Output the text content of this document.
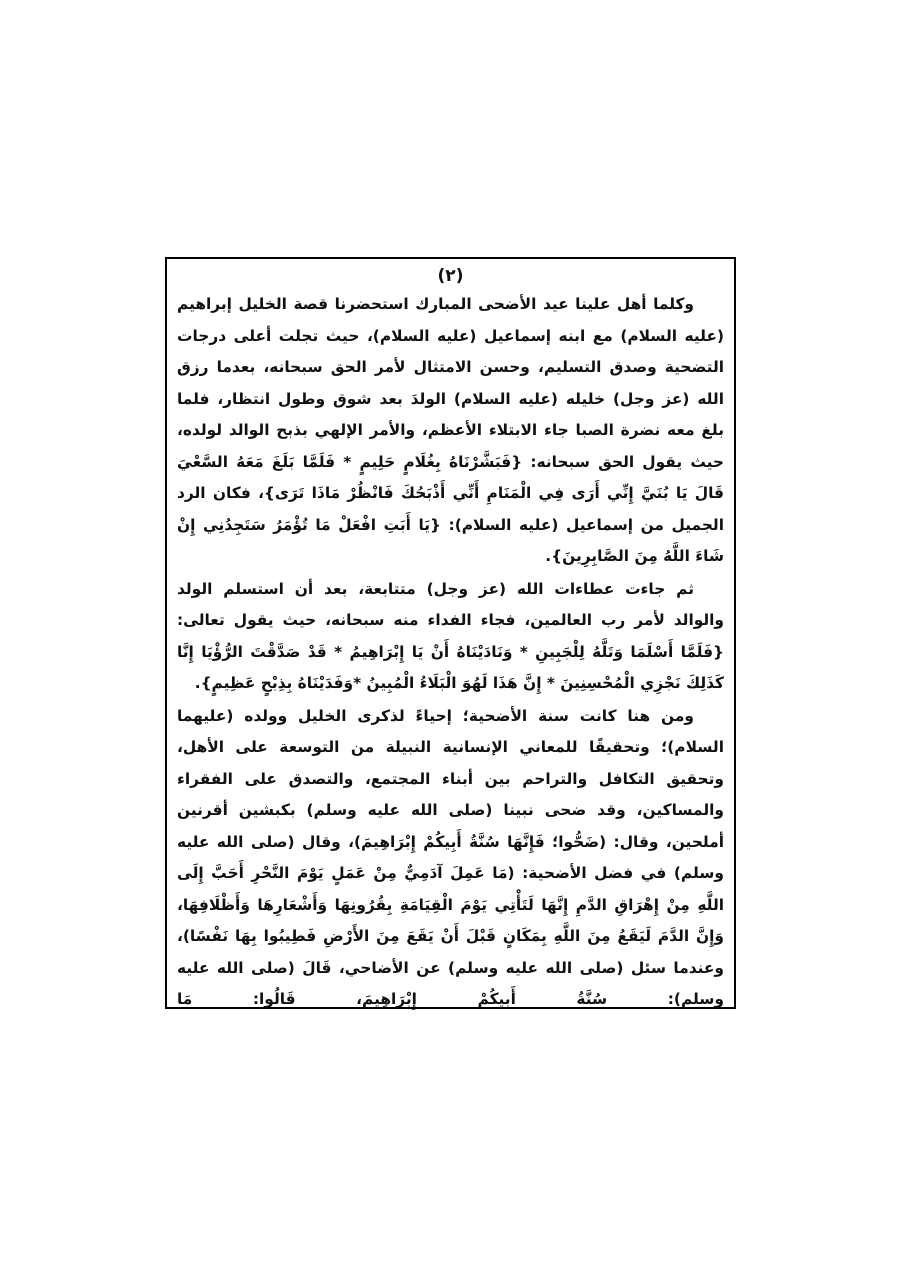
(٢)

وكلما أهل علينا عيد الأضحى المبارك استحضرنا قصة الخليل إبراهيم (عليه السلام) مع ابنه إسماعيل (عليه السلام)، حيث تجلت أعلى درجات التضحية وصدق التسليم، وحسن الامتثال لأمر الحق سبحانه، بعدما رزق الله (عز وجل) خليله (عليه السلام) الولدَ بعد شوق وطول انتظار، فلما بلغ معه نضرة الصبا جاء الابتلاء الأعظم، والأمر الإلهي بذبح الوالد لولده، حيث يقول الحق سبحانه: {فَبَشَّرْنَاهُ بِغُلَامٍ حَلِيمٍ * فَلَمَّا بَلَغَ مَعَهُ السَّعْيَ قَالَ يَا بُنَيَّ إِنِّي أَرَى فِي الْمَنَامِ أَنِّي أَذْبَحُكَ فَانْظُرْ مَاذَا تَرَى}، فكان الرد الجميل من إسماعيل (عليه السلام): {يَا أَبَتِ افْعَلْ مَا تُؤْمَرُ سَتَجِدُنِي إِنْ شَاءَ اللَّهُ مِنَ الصَّابِرِينَ}.

ثم جاءت عطاءات الله (عز وجل) متتابعة، بعد أن استسلم الولد والوالد لأمر رب العالمين، فجاء الفداء منه سبحانه، حيث يقول تعالى: {فَلَمَّا أَسْلَمَا وَتَلَّهُ لِلْجَبِينِ * وَنَادَيْنَاهُ أَنْ يَا إِبْرَاهِيمُ * قَدْ صَدَّقْتَ الرُّؤْيَا إِنَّا كَذَلِكَ نَجْزِي الْمُحْسِنِينَ * إِنَّ هَذَا لَهُوَ الْبَلَاءُ الْمُبِينُ *وَفَدَيْنَاهُ بِذِبْحٍ عَظِيمٍ}.

ومن هنا كانت سنة الأضحية؛ إحياءً لذكرى الخليل وولده (عليهما السلام)؛ وتحقيقًا للمعاني الإنسانية النبيلة من التوسعة على الأهل، وتحقيق التكافل والتراحم بين أبناء المجتمع، والتصدق على الفقراء والمساكين، وقد ضحى نبينا (صلى الله عليه وسلم) بكبشين أقرنين أملحين، وقال: (ضَحُّوا؛ فَإِنَّهَا سُنَّةُ أَبِيكُمْ إِبْرَاهِيمَ)، وقال (صلى الله عليه وسلم) في فضل الأضحية: (مَا عَمِلَ آدَمِيٌّ مِنْ عَمَلٍ يَوْمَ النَّحْرِ أَحَبَّ إِلَى اللَّهِ مِنْ إِهْرَاقِ الدَّمِ إِنَّهَا لَتَأْتِي يَوْمَ الْقِيَامَةِ بِقُرُونِهَا وَأَشْعَارِهَا وَأَظْلَافِهَا، وَإِنَّ الدَّمَ لَيَقَعُ مِنَ اللَّهِ بِمَكَانٍ قَبْلَ أَنْ يَقَعَ مِنَ الأَرْضِ فَطِيبُوا بِهَا نَفْسًا)، وعندما سئل (صلى الله عليه وسلم) عن الأضاحي، قَالَ (صلى الله عليه وسلم): سُنَّةُ أَبِيكُمْ إِبْرَاهِيمَ، قَالُوا: مَا
